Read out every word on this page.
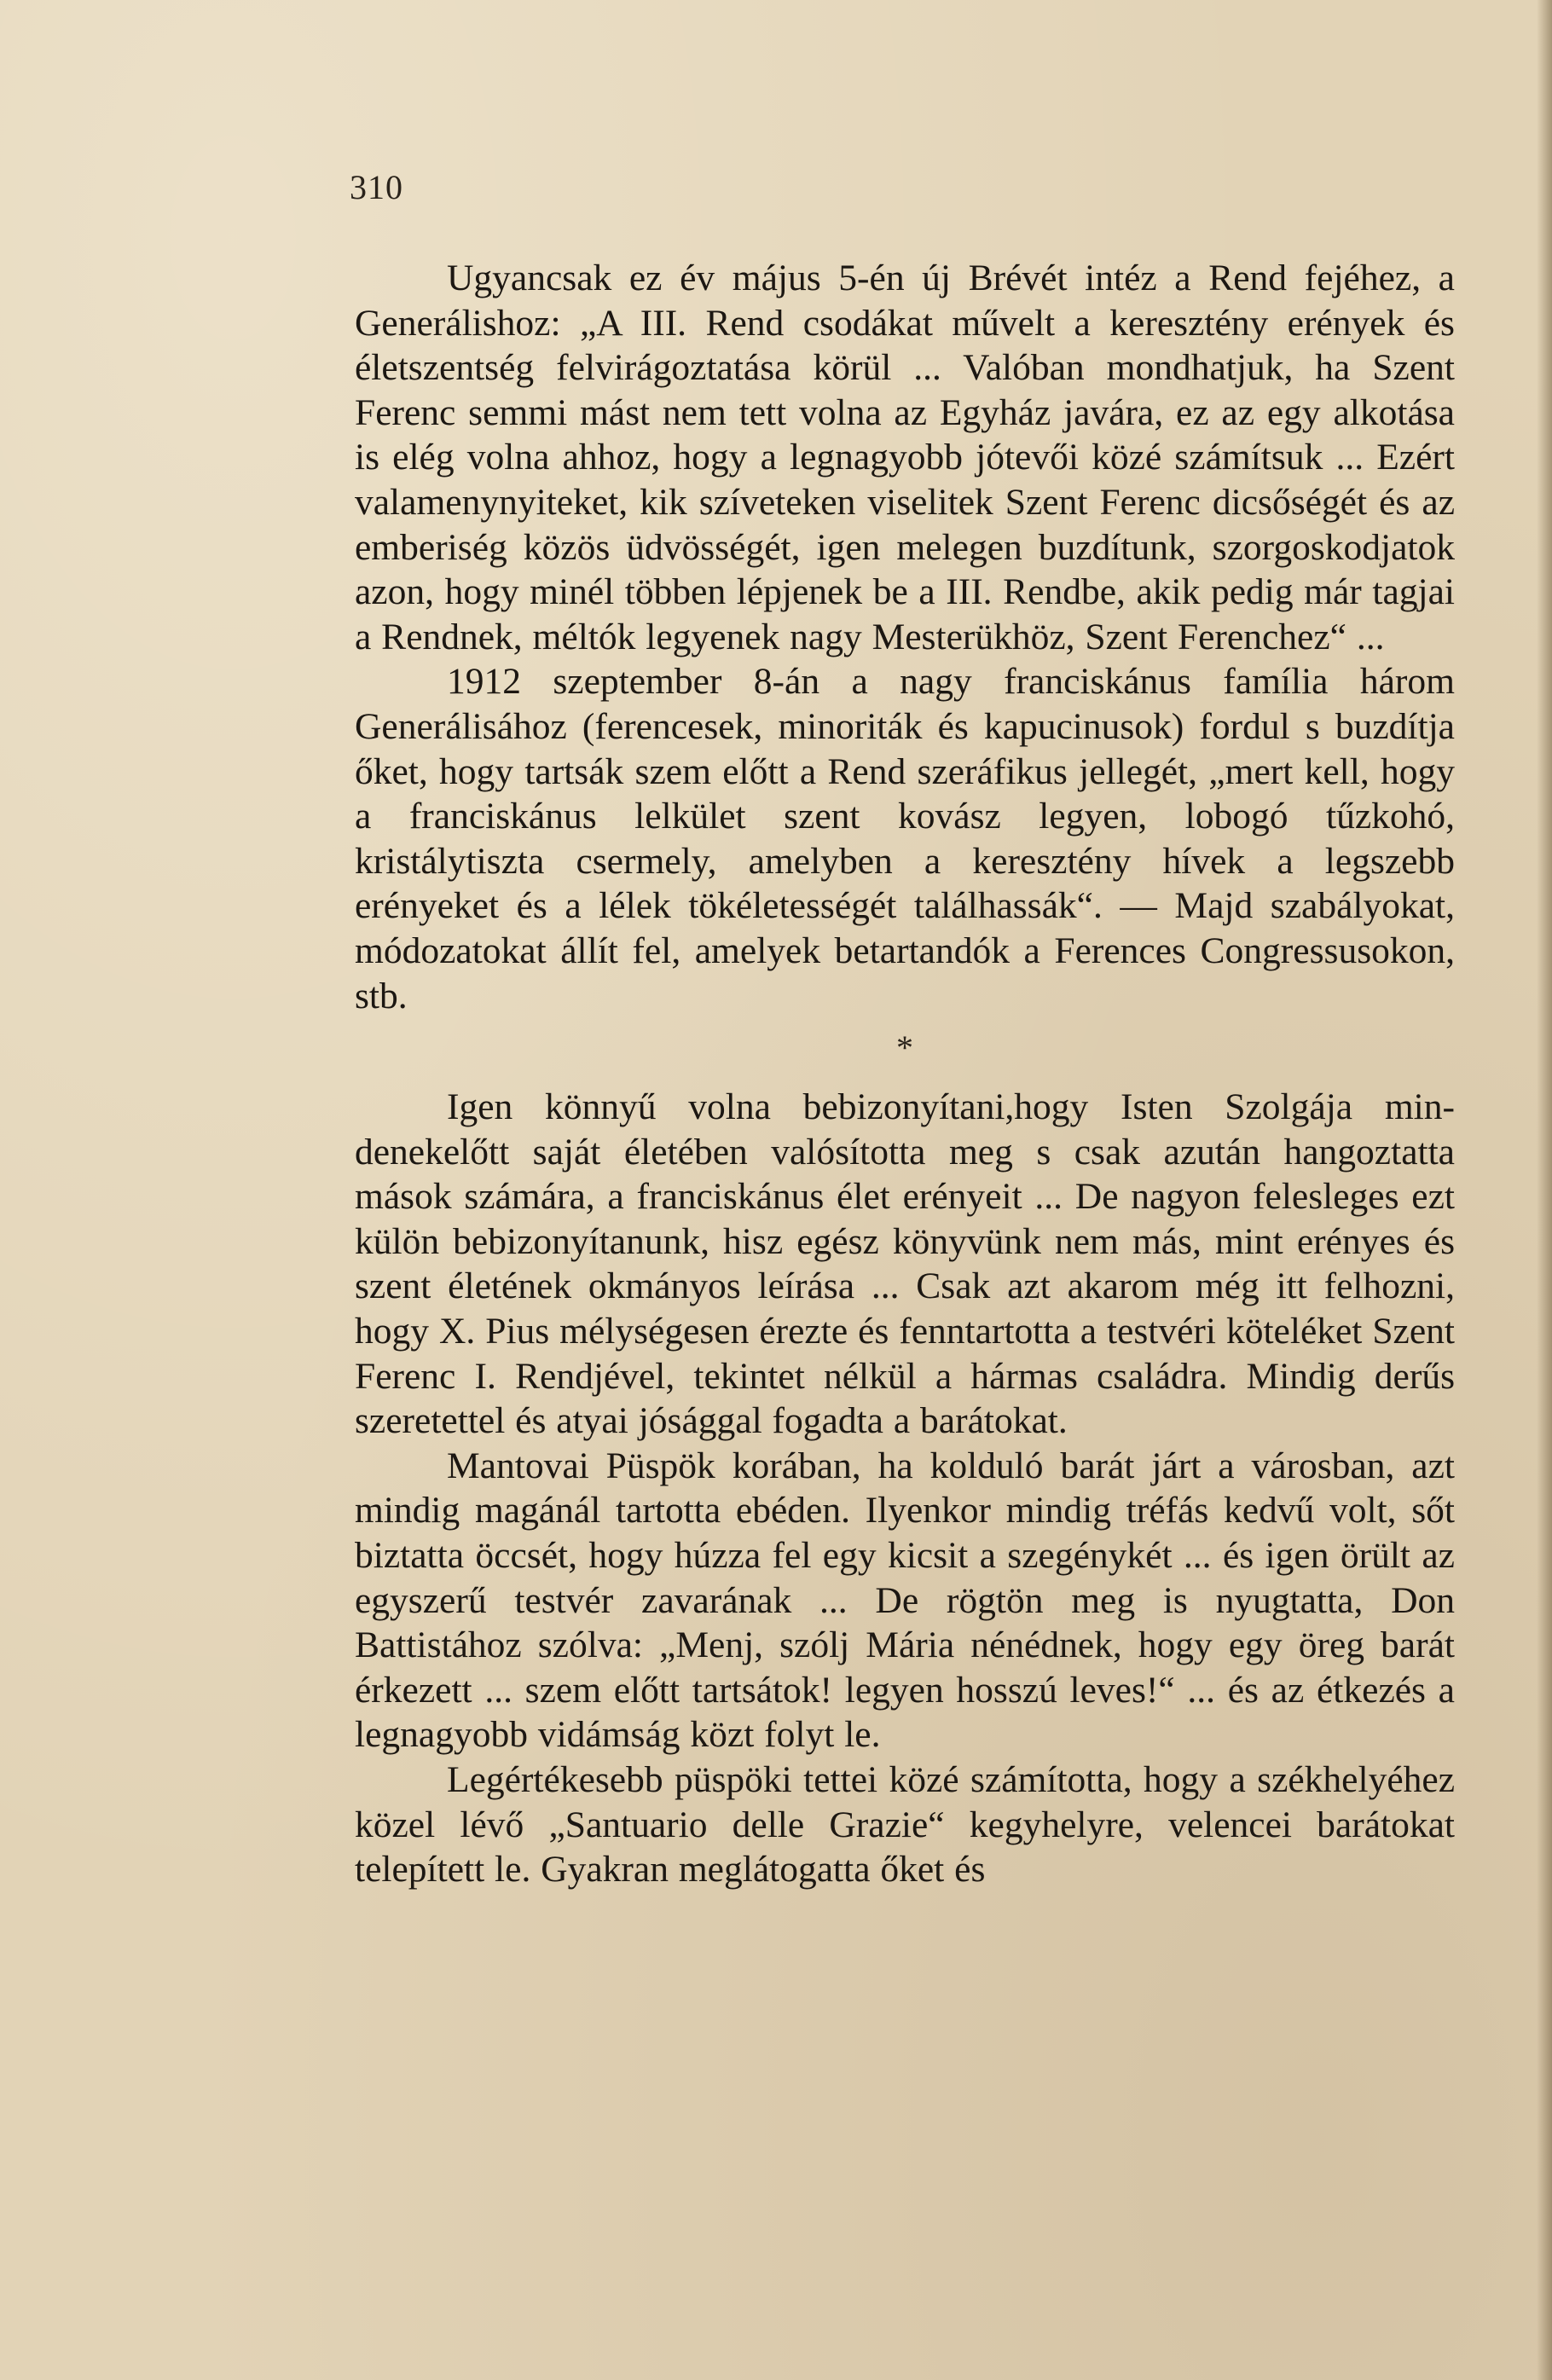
310

Ugyancsak ez év május 5-én új Brévét intéz a Rend fejéhez, a Generálishoz: „A III. Rend csodákat művelt a keresztény erények és életszentség felvirágoztatása körül ... Valóban mondhatjuk, ha Szent Ferenc semmi mást nem tett volna az Egyház javára, ez az egy alkotása is elég volna ahhoz, hogy a legnagyobb jótevői közé számítsuk ... Ezért valamenynyiteket, kik szíveteken viselitek Szent Ferenc dicsőségét és az emberiség közös üdvösségét, igen melegen buzdítunk, szorgoskodjatok azon, hogy minél többen lépjenek be a III. Rendbe, akik pedig már tagjai a Rendnek, méltók legyenek nagy Mesterükhöz, Szent Ferenchez“ ...

1912 szeptember 8-án a nagy franciskánus família három Generálisához (ferencesek, minoriták és kapucinusok) fordul s buzdítja őket, hogy tartsák szem előtt a Rend szeráfikus jellegét, „mert kell, hogy a franciskánus lelkület szent kovász legyen, lobogó tűzkohó, kristálytiszta csermely, amelyben a keresztény hívek a legszebb erényeket és a lélek tökéletességét találhassák“. — Majd szabályokat, módozatokat állít fel, amelyek betartandók a Ferences Congressusokon, stb.

*

Igen könnyű volna bebizonyítani,hogy Isten Szolgája mindenekelőtt saját életében valósította meg s csak azután hangoztatta mások számára, a franciskánus élet erényeit ... De nagyon felesleges ezt külön bebizonyítanunk, hisz egész könyvünk nem más, mint erényes és szent életének okmányos leírása ... Csak azt akarom még itt felhozni, hogy X. Pius mélységesen érezte és fenntartotta a testvéri köteléket Szent Ferenc I. Rendjével, tekintet nélkül a hármas családra. Mindig derűs szeretettel és atyai jósággal fogadta a barátokat.

Mantovai Püspök korában, ha kolduló barát járt a városban, azt mindig magánál tartotta ebéden. Ilyenkor mindig tréfás kedvű volt, sőt biztatta öccsét, hogy húzza fel egy kicsit a szegénykét ... és igen örült az egyszerű testvér zavarának ... De rögtön meg is nyugtatta, Don Battistához szólva: „Menj, szólj Mária nénédnek, hogy egy öreg barát érkezett ... szem előtt tartsátok! legyen hosszú leves!“ ... és az étkezés a legnagyobb vidámság közt folyt le.

Legértékesebb püspöki tettei közé számította, hogy a székhelyéhez közel lévő „Santuario delle Grazie“ kegyhelyre, velencei barátokat telepített le. Gyakran meglátogatta őket és
